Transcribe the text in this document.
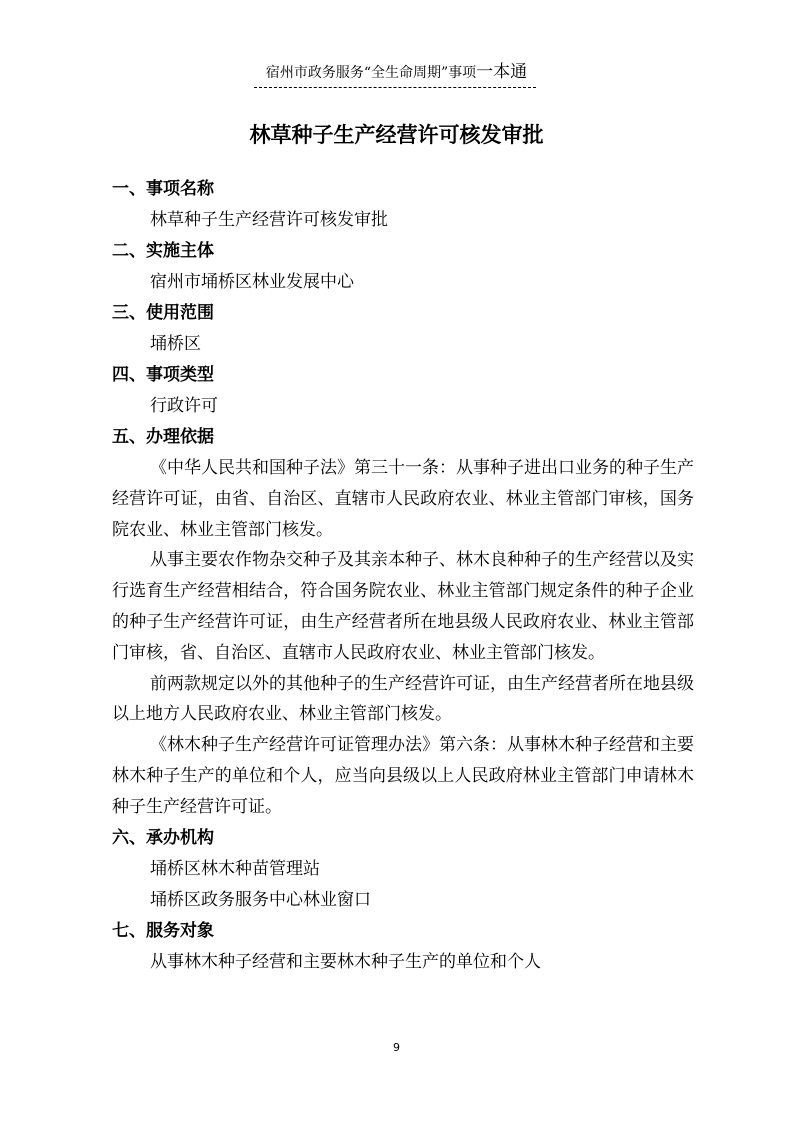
宿州市政务服务“全生命周期”事项一本通
林草种子生产经营许可核发审批
一、事项名称
林草种子生产经营许可核发审批
二、实施主体
宿州市埇桥区林业发展中心
三、使用范围
埇桥区
四、事项类型
行政许可
五、办理依据
《中华人民共和国种子法》第三十一条：从事种子进出口业务的种子生产经营许可证，由省、自治区、直辖市人民政府农业、林业主管部门审核，国务院农业、林业主管部门核发。
从事主要农作物杂交种子及其亲本种子、林木良种种子的生产经营以及实行选育生产经营相结合，符合国务院农业、林业主管部门规定条件的种子企业的种子生产经营许可证，由生产经营者所在地县级人民政府农业、林业主管部门审核，省、自治区、直辖市人民政府农业、林业主管部门核发。
前两款规定以外的其他种子的生产经营许可证，由生产经营者所在地县级以上地方人民政府农业、林业主管部门核发。
《林木种子生产经营许可证管理办法》第六条：从事林木种子经营和主要林木种子生产的单位和个人，应当向县级以上人民政府林业主管部门申请林木种子生产经营许可证。
六、承办机构
埇桥区林木种苗管理站
埇桥区政务服务中心林业窗口
七、服务对象
从事林木种子经营和主要林木种子生产的单位和个人
9
